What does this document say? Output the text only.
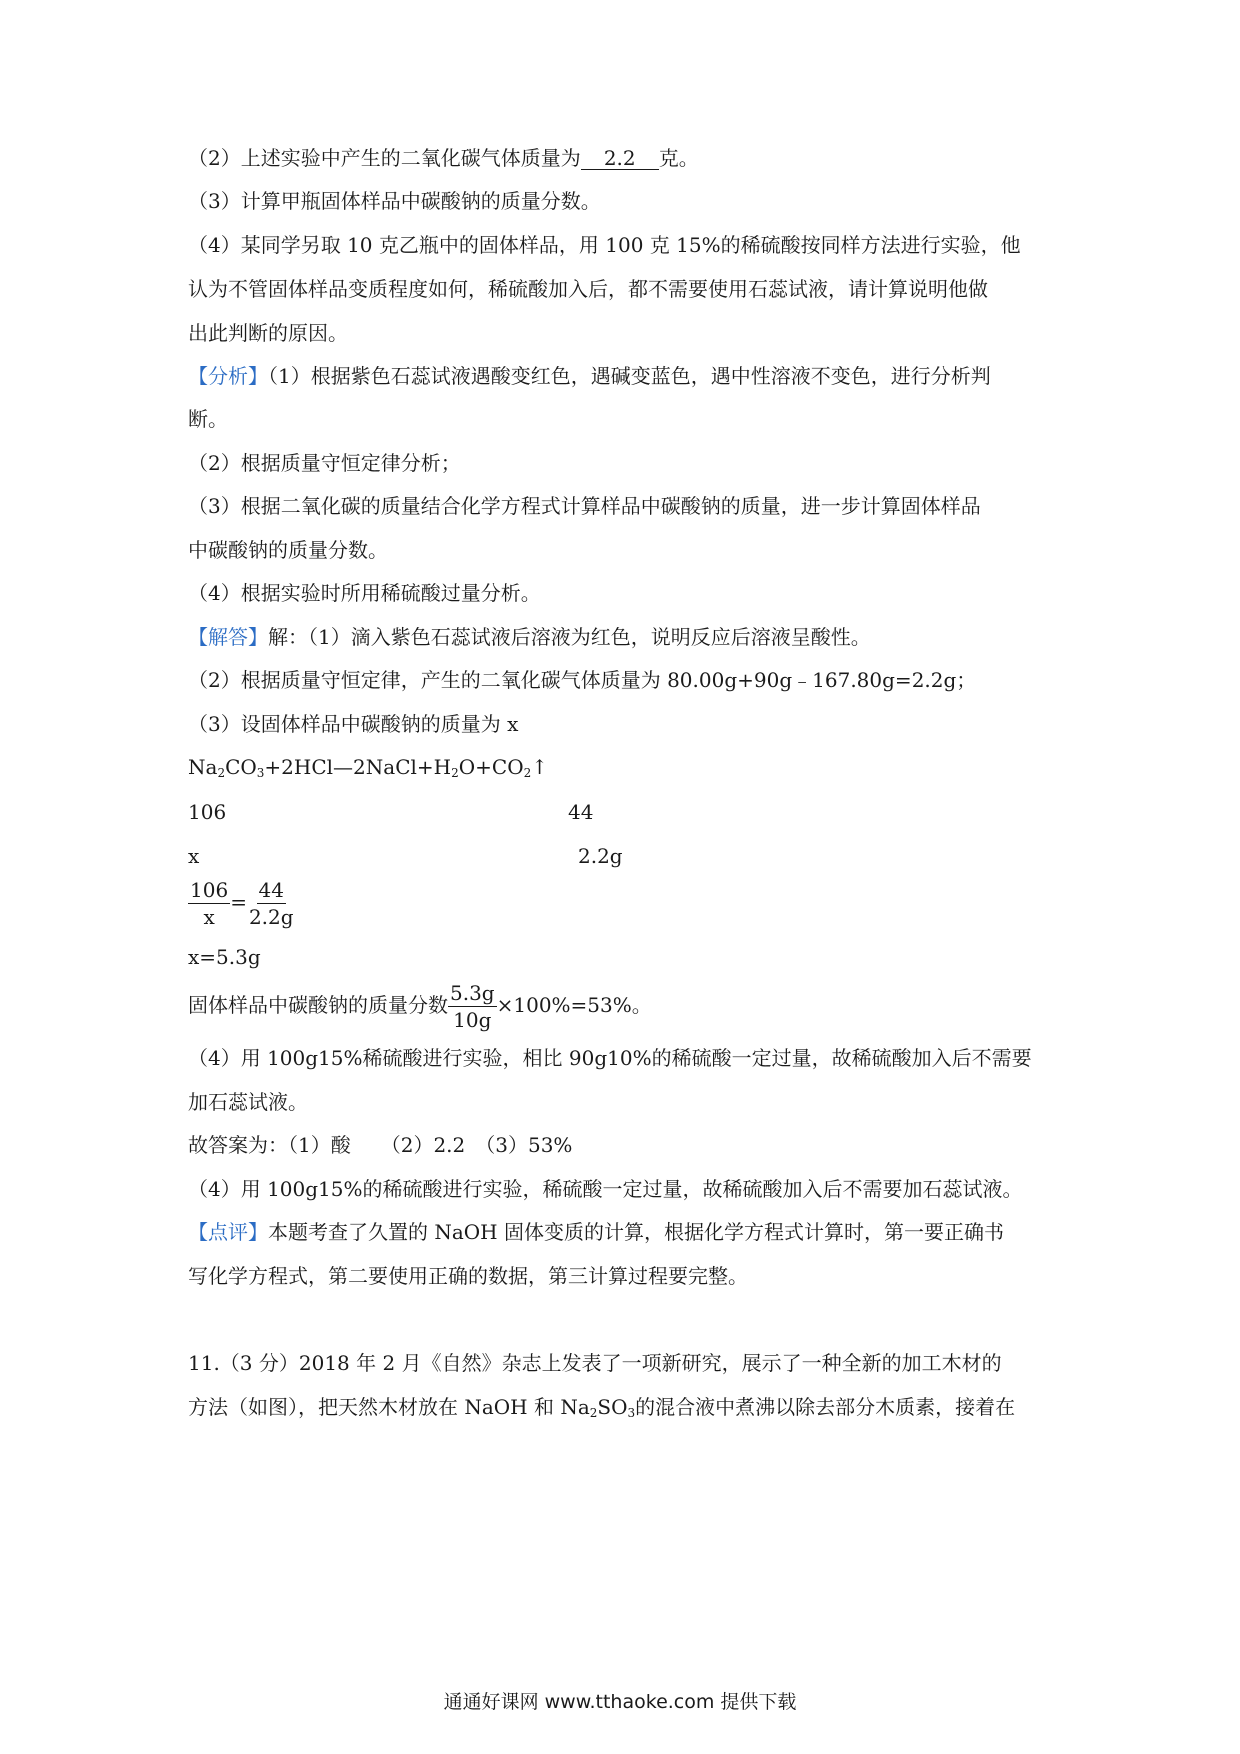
（2）上述实验中产生的二氧化碳气体质量为 2.2 克。
（3）计算甲瓶固体样品中碳酸钠的质量分数。
（4）某同学另取 10 克乙瓶中的固体样品，用 100 克 15%的稀硫酸按同样方法进行实验，他
认为不管固体样品变质程度如何，稀硫酸加入后，都不需要使用石蕊试液，请计算说明他做
出此判断的原因。
【分析】（1）根据紫色石蕊试液遇酸变红色，遇碱变蓝色，遇中性溶液不变色，进行分析判
断。
（2）根据质量守恒定律分析；
（3）根据二氧化碳的质量结合化学方程式计算样品中碳酸钠的质量，进一步计算固体样品
中碳酸钠的质量分数。
（4）根据实验时所用稀硫酸过量分析。
【解答】解：（1）滴入紫色石蕊试液后溶液为红色，说明反应后溶液呈酸性。
（2）根据质量守恒定律，产生的二氧化碳气体质量为 80.00g+90g﹣167.80g=2.2g；
（3）设固体样品中碳酸钠的质量为 x
$Na_2CO_3+2HCl—2NaCl+H_2O+CO_2↑$
106	44
x	2.2g
$\frac{106}{x} = \frac{44}{2.2g}$
x=5.3g
固体样品中碳酸钠的质量分数 $\frac{5.3g}{10g} \times 100\%=53\%$。
（4）用 100g15%稀硫酸进行实验，相比 90g10%的稀硫酸一定过量，故稀硫酸加入后不需要
加石蕊试液。
故答案为：（1）酸　　（2）2.2　（3）53%
（4）用 100g15%的稀硫酸进行实验，稀硫酸一定过量，故稀硫酸加入后不需要加石蕊试液。
【点评】本题考查了久置的 NaOH 固体变质的计算，根据化学方程式计算时，第一要正确书
写化学方程式，第二要使用正确的数据，第三计算过程要完整。
11.（3 分）2018 年 2 月《自然》杂志上发表了一项新研究，展示了一种全新的加工木材的
方法（如图），把天然木材放在 NaOH 和 $Na_2SO_3$的混合液中煮沸以除去部分木质素，接着在
通通好课网 www.tthaoke.com 提供下载
